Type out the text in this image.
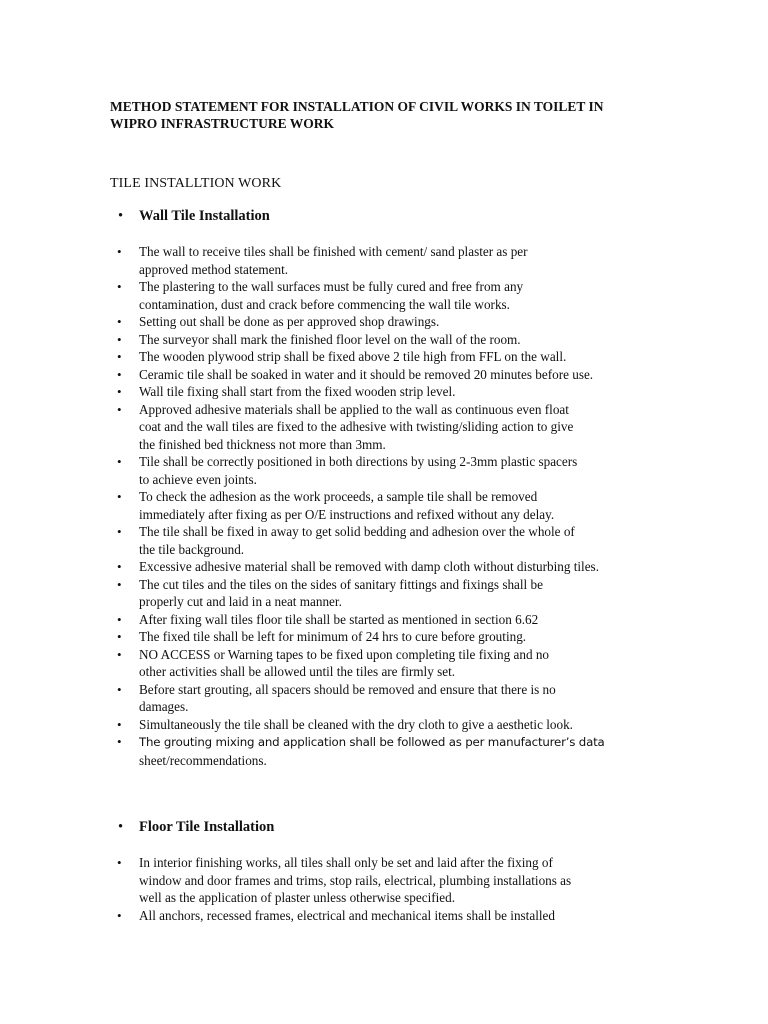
METHOD STATEMENT FOR INSTALLATION OF CIVIL WORKS IN TOILET IN
WIPRO INFRASTRUCTURE WORK
TILE INSTALLTION WORK
• Wall Tile Installation
• The wall to receive tiles shall be finished with cement/ sand plaster as per
approved method statement.
• The plastering to the wall surfaces must be fully cured and free from any
contamination, dust and crack before commencing the wall tile works.
• Setting out shall be done as per approved shop drawings.
• The surveyor shall mark the finished floor level on the wall of the room.
• The wooden plywood strip shall be fixed above 2 tile high from FFL on the wall.
• Ceramic tile shall be soaked in water and it should be removed 20 minutes before use.
• Wall tile fixing shall start from the fixed wooden strip level.
• Approved adhesive materials shall be applied to the wall as continuous even float
coat and the wall tiles are fixed to the adhesive with twisting/sliding action to give
the finished bed thickness not more than 3mm.
• Tile shall be correctly positioned in both directions by using 2-3mm plastic spacers
to achieve even joints.
• To check the adhesion as the work proceeds, a sample tile shall be removed
immediately after fixing as per O/E instructions and refixed without any delay.
• The tile shall be fixed in away to get solid bedding and adhesion over the whole of
the tile background.
• Excessive adhesive material shall be removed with damp cloth without disturbing tiles.
• The cut tiles and the tiles on the sides of sanitary fittings and fixings shall be
properly cut and laid in a neat manner.
• After fixing wall tiles floor tile shall be started as mentioned in section 6.62
• The fixed tile shall be left for minimum of 24 hrs to cure before grouting.
• NO ACCESS or Warning tapes to be fixed upon completing tile fixing and no
other activities shall be allowed until the tiles are firmly set.
• Before start grouting, all spacers should be removed and ensure that there is no
damages.
• Simultaneously the tile shall be cleaned with the dry cloth to give a aesthetic look.
• The grouting mixing and application shall be followed as per manufacturer’s data
sheet/recommendations.
• Floor Tile Installation
• In interior finishing works, all tiles shall only be set and laid after the fixing of
window and door frames and trims, stop rails, electrical, plumbing installations as
well as the application of plaster unless otherwise specified.
• All anchors, recessed frames, electrical and mechanical items shall be installed
